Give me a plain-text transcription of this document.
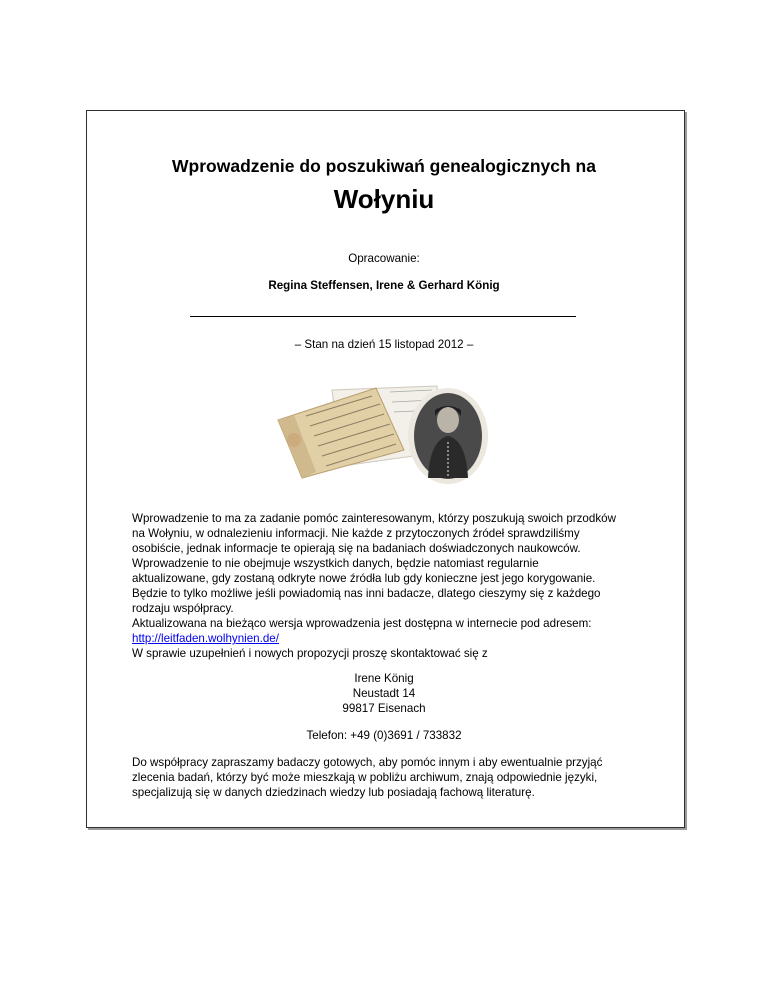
Wprowadzenie do poszukiwań genealogicznych na
Wołyniu
Opracowanie:
Regina Steffensen, Irene & Gerhard König
– Stan na dzień 15 listopad 2012 –

Wprowadzenie to ma za zadanie pomóc zainteresowanym, którzy poszukują swoich przodków

na Wołyniu, w odnalezieniu informacji. Nie każde z przytoczonych źródeł sprawdziliśmy

osobiście, jednak informacje te opierają się na badaniach doświadczonych naukowców.

Wprowadzenie to nie obejmuje wszystkich danych, będzie natomiast regularnie

aktualizowane, gdy zostaną odkryte nowe źródła lub gdy konieczne jest jego korygowanie.

Będzie to tylko możliwe jeśli powiadomią nas inni badacze, dlatego cieszymy się z każdego

rodzaju współpracy.

Aktualizowana na bieżąco wersja wprowadzenia jest dostępna w internecie pod adresem:

http://leitfaden.wolhynien.de/

W sprawie uzupełnień i nowych propozycji proszę skontaktować się z

Irene König
Neustadt 14
99817 Eisenach
Telefon: +49 (0)3691 / 733832

Do współpracy zapraszamy badaczy gotowych, aby pomóc innym i aby ewentualnie przyjąć

zlecenia badań, którzy być może mieszkają w pobliżu archiwum, znają odpowiednie języki,

specjalizują się w danych dziedzinach wiedzy lub posiadają fachową literaturę.
